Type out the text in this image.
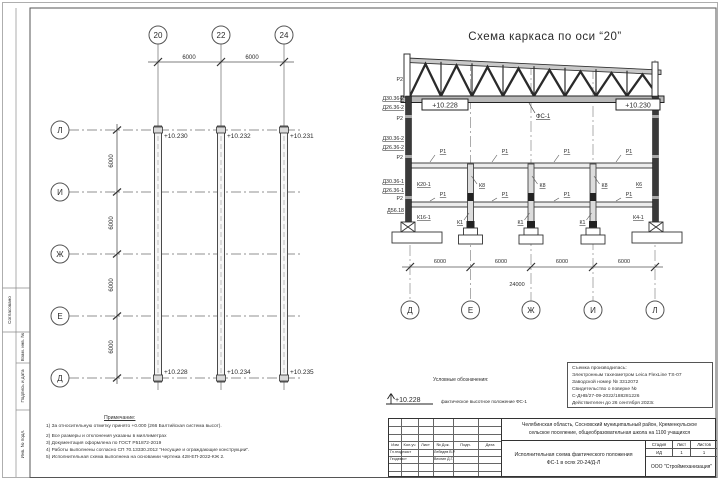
Согласовано
Взам. инв. №
Подпись и дата
Инв. № подл.
6000	6000
6000
6000
6000
6000
20	22	24
Л
И
Ж
Е
Д
+10.230	+10.232	+10.231
+10.228	+10.234	+10.235
Схема каркаса по оси “20”
+10.228	+10.230
ФС-1
Р2
Д30.36-2
Д26.36-2
Р2
Д30.36-2
Д26.36-2
Р2
Д30.36-1
Д26.36-1
Р2
Д56.18
К20-1
К16-1
К6
К4-1
К8	К8	К8
К1	К1	К1
Р1	Р1	Р1	Р1
Р1	Р1	Р1	Р1
6000	6000	6000	6000
24000
Д	Е	Ж	И	Л
Условные обозначения:
+10.228	фактическое высотное положение ФС-1
Примечание:
1) За относительную отметку принято +0.000 (266 Балтийская система высот).
2) Все размеры и отклонения указаны в миллиметрах
3) Документация оформлена по ГОСТ Р51872-2019
4) Работы выполнены согласно СП 70.13330.2012 "Несущие и ограждающие конструкции".
5) Исполнительная схема выполнена на основании чертежа 428-ЕП-2022-КЖ 2.
Съемка производилась:
Электронным тахеометром Leica FlexLine TS-07
Заводской номер № 3312072
Свидетельство о поверке №
С-ДНВ/27-09-2022/188281226
Действителен до 26 сентября 2023г.
Изм	Кол.уч	Лист	№ Док.	Подп.	Дата
Гл.геодезист	Лебедев В.Р.
Геодезист	Веснин Д.Г.
Челябинская область, Сосновский муниципальный район, Кременкульское сельское поселение, общеобразовательная школа на 1100 учащихся
Исполнительная схема фактического положения ФС-1 в осях 20-24/Д-Л
Стадия	Лист	Листов
ИД	1	1
ООО "Строймеханизация"
